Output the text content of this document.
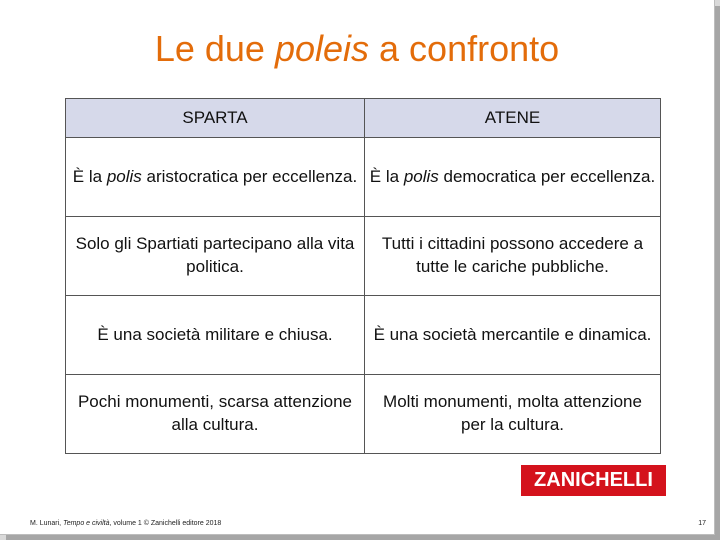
Le due poleis a confronto
SPARTA	ATENE
È la polis aristocratica per eccellenza.	È la polis democratica per eccellenza.
Solo gli Spartiati partecipano alla vita politica.	Tutti i cittadini possono accedere a tutte le cariche pubbliche.
È una società militare e chiusa.	È una società mercantile e dinamica.
Pochi monumenti, scarsa attenzione alla cultura.	Molti monumenti, molta attenzione per la cultura.
ZANICHELLI
M. Lunari, Tempo e civiltà, volume 1 © Zanichelli editore 2018	17
